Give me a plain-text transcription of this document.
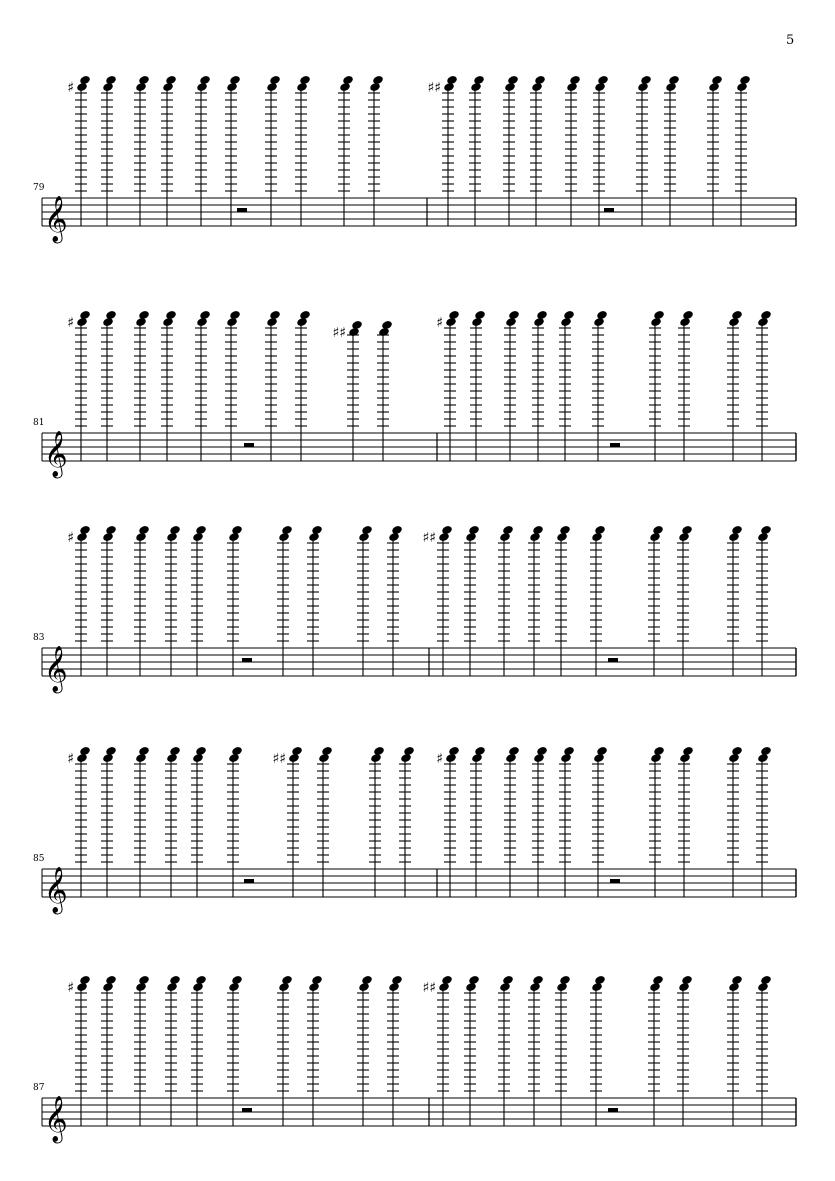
5
𝄞
79
♯	♯♯
𝄞
81
♯
♯♯
♯
𝄞
83
♯	♯♯
𝄞
85
♯	♯♯	♯
𝄞
87
♯	♯♯
